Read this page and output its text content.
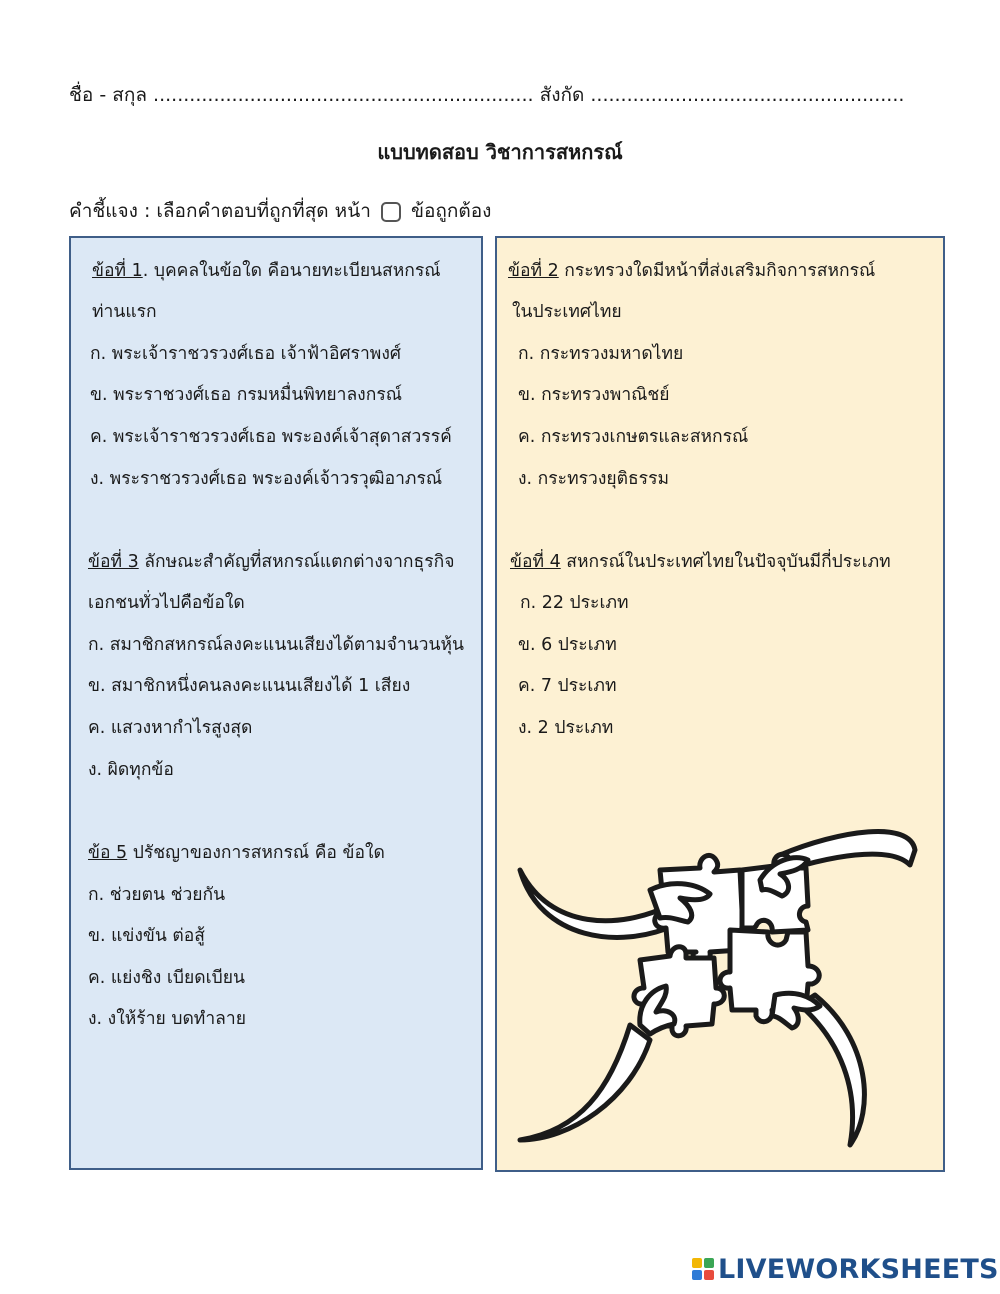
ชื่อ - สกุล ............................................................... สังกัด ....................................................
แบบทดสอบ วิชาการสหกรณ์
คำชี้แจง : เลือกคำตอบที่ถูกที่สุด หน้า ข้อถูกต้อง
ข้อที่ 1. บุคคลในข้อใด คือนายทะเบียนสหกรณ์
ท่านแรก
ก. พระเจ้าราชวรวงศ์เธอ เจ้าฟ้าอิศราพงศ์
ข. พระราชวงศ์เธอ กรมหมื่นพิทยาลงกรณ์
ค. พระเจ้าราชวรวงศ์เธอ พระองค์เจ้าสุดาสวรรค์
ง. พระราชวรวงศ์เธอ พระองค์เจ้าวรวุฒิอาภรณ์
ข้อที่ 3 ลักษณะสำคัญที่สหกรณ์แตกต่างจากธุรกิจ
เอกชนทั่วไปคือข้อใด
ก. สมาชิกสหกรณ์ลงคะแนนเสียงได้ตามจำนวนหุ้น
ข. สมาชิกหนึ่งคนลงคะแนนเสียงได้ 1 เสียง
ค. แสวงหากำไรสูงสุด
ง. ผิดทุกข้อ
ข้อ 5 ปรัชญาของการสหกรณ์ คือ ข้อใด
ก. ช่วยตน ช่วยกัน
ข. แข่งขัน ต่อสู้
ค. แย่งชิง เบียดเบียน
ง. งให้ร้าย บดทำลาย
ข้อที่ 2 กระทรวงใดมีหน้าที่ส่งเสริมกิจการสหกรณ์
ในประเทศไทย
ก. กระทรวงมหาดไทย
ข. กระทรวงพาณิชย์
ค. กระทรวงเกษตรและสหกรณ์
ง. กระทรวงยุติธรรม
ข้อที่ 4 สหกรณ์ในประเทศไทยในปัจจุบันมีกี่ประเภท
ก. 22 ประเภท
ข. 6 ประเภท
ค. 7 ประเภท
ง. 2 ประเภท
LIVEWORKSHEETS
